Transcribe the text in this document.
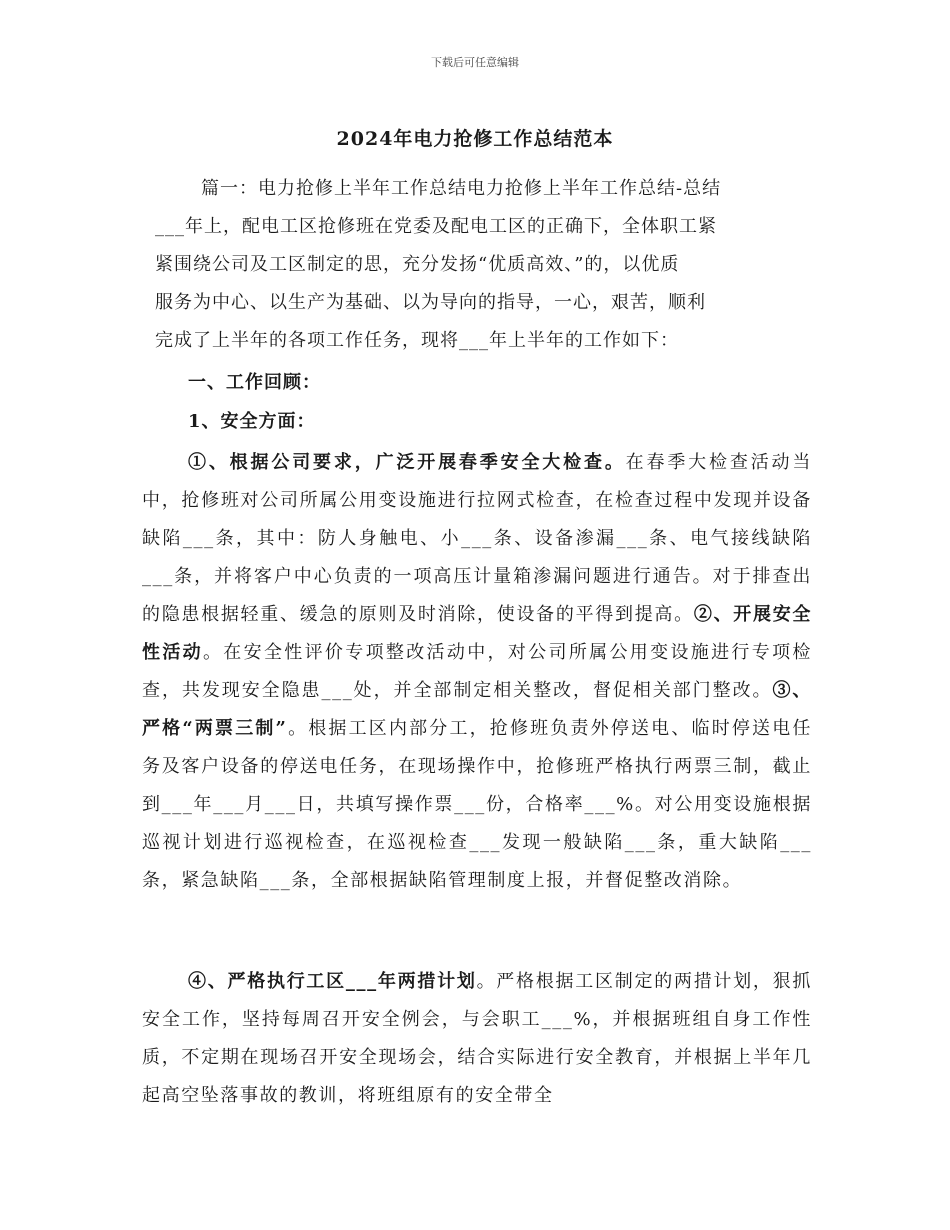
下载后可任意编辑
2024年电力抢修工作总结范本

篇一：电力抢修上半年工作总结电力抢修上半年工作总结-总结

___年上，配电工区抢修班在党委及配电工区的正确下，全体职工紧

紧围绕公司及工区制定的思，充分发扬“优质高效、”的，以优质

服务为中心、以生产为基础、以为导向的指导，一心，艰苦，顺利

完成了上半年的各项工作任务，现将___年上半年的工作如下：

一、工作回顾：
1、安全方面：

①、根据公司要求，广泛开展春季安全大检查。在春季大检查活动当中，抢修班对公司所属公用变设施进行拉网式检查，在检查过程中发现并设备缺陷___条，其中：防人身触电、小___条、设备渗漏___条、电气接线缺陷___条，并将客户中心负责的一项高压计量箱渗漏问题进行通告。对于排查出的隐患根据轻重、缓急的原则及时消除，使设备的平得到提高。②、开展安全性活动。在安全性评价专项整改活动中，对公司所属公用变设施进行专项检查，共发现安全隐患___处，并全部制定相关整改，督促相关部门整改。③、严格“两票三制”。根据工区内部分工，抢修班负责外停送电、临时停送电任务及客户设备的停送电任务，在现场操作中，抢修班严格执行两票三制，截止到___年___月___日，共填写操作票___份，合格率___%。对公用变设施根据巡视计划进行巡视检查，在巡视检查___发现一般缺陷___条，重大缺陷___条，紧急缺陷___条，全部根据缺陷管理制度上报，并督促整改消除。

④、严格执行工区___年两措计划。严格根据工区制定的两措计划，狠抓安全工作，坚持每周召开安全例会，与会职工___%，并根据班组自身工作性质，不定期在现场召开安全现场会，结合实际进行安全教育，并根据上半年几起高空坠落事故的教训，将班组原有的安全带全
